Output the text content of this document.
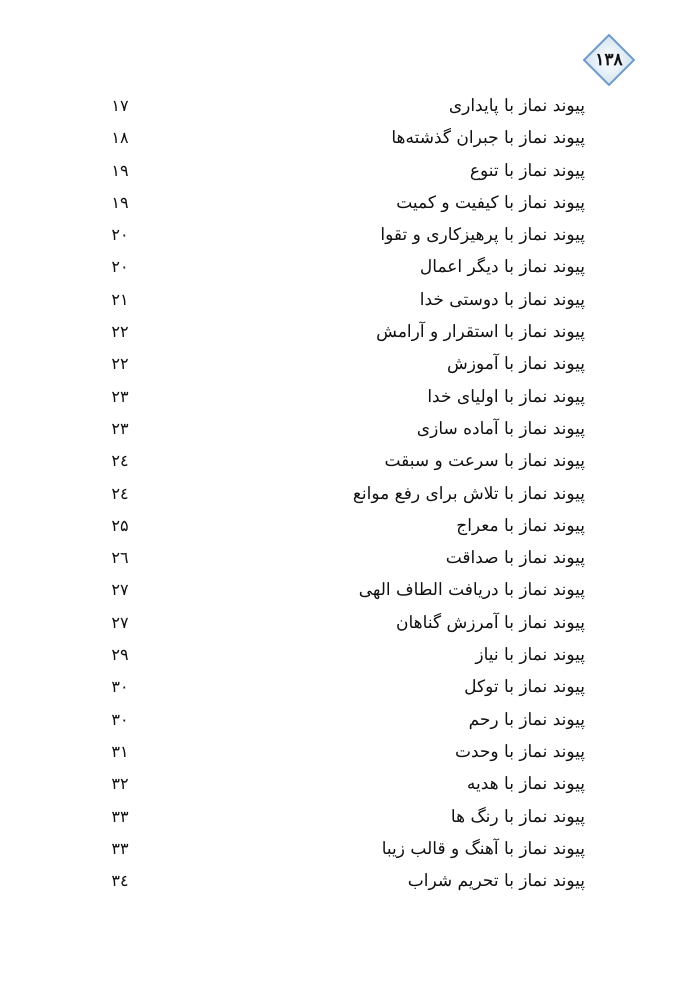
۱۳۸
پیوند نماز با پایداری
۱۷
پیوند نماز با جبران گذشته‌ها
۱۸
پیوند نماز با تنوع
۱۹
پیوند نماز با کیفیت و کمیت
۱۹
پیوند نماز با پرهیزکاری و تقوا
۲۰
پیوند نماز با دیگر اعمال
۲۰
پیوند نماز با دوستی خدا
۲۱
پیوند نماز با استقرار و آرامش
۲۲
پیوند نماز با آموزش
۲۲
پیوند نماز با اولیای خدا
۲۳
پیوند نماز با آماده سازی
۲۳
پیوند نماز با سرعت و سبقت
۲٤
پیوند نماز با تلاش برای رفع موانع
۲٤
پیوند نماز با معراج
۲۵
پیوند نماز با صداقت
۲٦
پیوند نماز با دریافت الطاف الهی
۲۷
پیوند نماز با آمرزش گناهان
۲۷
پیوند نماز با نیاز
۲۹
پیوند نماز با توکل
۳۰
پیوند نماز با رحم
۳۰
پیوند نماز با وحدت
۳۱
پیوند نماز با هدیه
۳۲
پیوند نماز با رنگ ها
۳۳
پیوند نماز با آهنگ و قالب زیبا
۳۳
پیوند نماز با تحریم شراب
۳٤
